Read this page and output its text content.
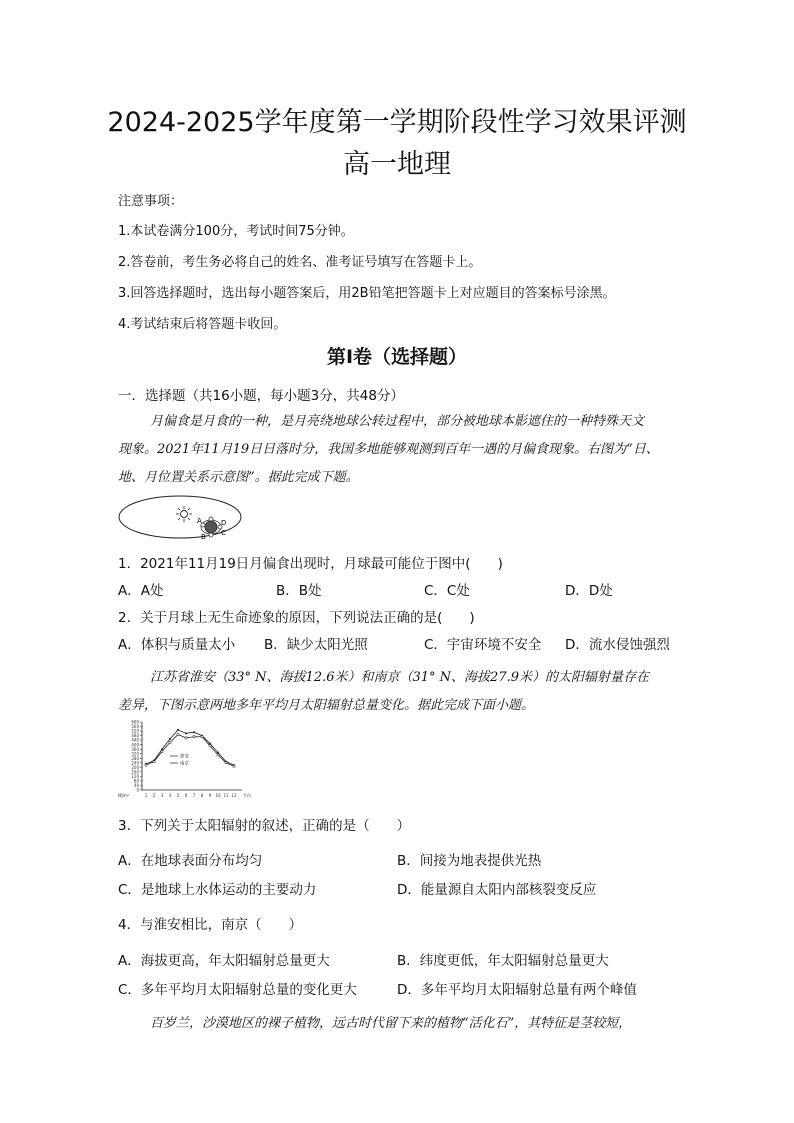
2024-2025学年度第一学期阶段性学习效果评测
高一地理
注意事项：
1.本试卷满分100分，考试时间75分钟。
2.答卷前，考生务必将自己的姓名、准考证号填写在答题卡上。
3.回答选择题时，选出每小题答案后，用2B铅笔把答题卡上对应题目的答案标号涂黑。
4.考试结束后将答题卡收回。
第Ⅰ卷（选择题）
一．选择题（共16小题，每小题3分，共48分）
月偏食是月食的一种，是月亮绕地球公转过程中，部分被地球本影遮住的一种特殊天文
现象。2021年11月19日日落时分，我国多地能够观测到百年一遇的月偏食现象。右图为“日、
地、月位置关系示意图”。据此完成下题。
A
B C
D
1．2021年11月19日月偏食出现时，月球最可能位于图中(　　)
A．A处	B．B处	C．C处	D．D处
2．关于月球上无生命迹象的原因，下列说法正确的是(　　)
A．体积与质量太小 B．缺少太阳光照	C．宇宙环境不安全 D．流水侵蚀强烈
江苏省淮安（33° N、海拔12.6米）和南京（31° N、海拔27.9米）的太阳辐射量存在
差异，下图示意两地多年平均月太阳辐射总量变化。据此完成下面小题。
0
40
80
120
160
200
240
280
320
360
400
440
480
520
560
600
MJ/m²	1 2 3 4 5 6 7 8 9 10 11 12 月份
淮安
南京
3．下列关于太阳辐射的叙述，正确的是（　　）
A．在地球表面分布均匀	B．间接为地表提供光热
C．是地球上水体运动的主要动力	D．能量源自太阳内部核裂变反应
4．与淮安相比，南京（　　）
A．海拔更高，年太阳辐射总量更大	B．纬度更低，年太阳辐射总量更大
C．多年平均月太阳辐射总量的变化更大	D．多年平均月太阳辐射总量有两个峰值
百岁兰，沙漠地区的裸子植物，远古时代留下来的植物“活化石”，其特征是茎较短，
